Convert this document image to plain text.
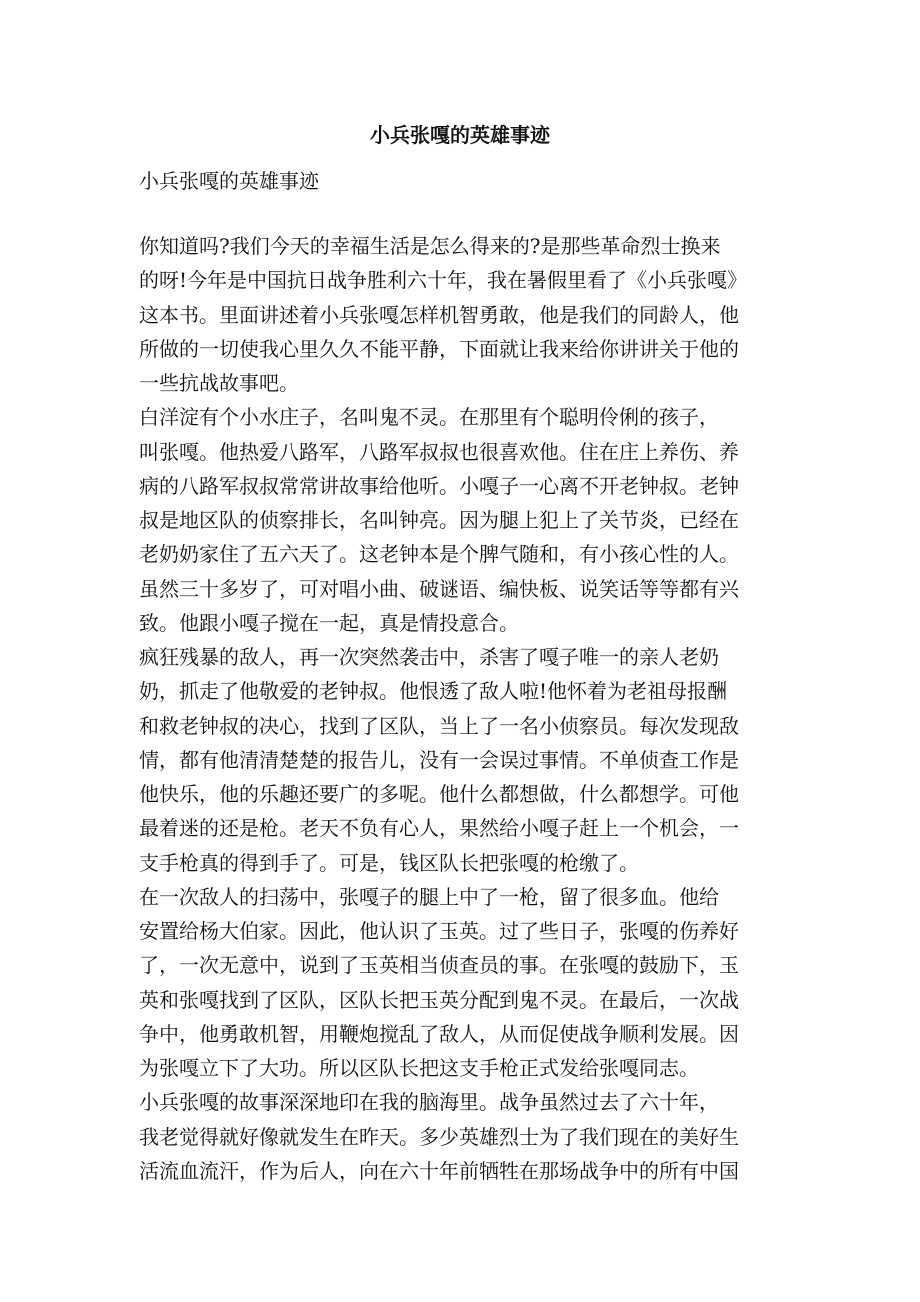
小兵张嘎的英雄事迹

小兵张嘎的英雄事迹

你知道吗?我们今天的幸福生活是怎么得来的?是那些革命烈士换来

的呀!今年是中国抗日战争胜利六十年，我在暑假里看了《小兵张嘎》

这本书。里面讲述着小兵张嘎怎样机智勇敢，他是我们的同龄人，他

所做的一切使我心里久久不能平静，下面就让我来给你讲讲关于他的

一些抗战故事吧。

白洋淀有个小水庄子，名叫鬼不灵。在那里有个聪明伶俐的孩子，

叫张嘎。他热爱八路军，八路军叔叔也很喜欢他。住在庄上养伤、养

病的八路军叔叔常常讲故事给他听。小嘎子一心离不开老钟叔。老钟

叔是地区队的侦察排长，名叫钟亮。因为腿上犯上了关节炎，已经在

老奶奶家住了五六天了。这老钟本是个脾气随和，有小孩心性的人。

虽然三十多岁了，可对唱小曲、破谜语、编快板、说笑话等等都有兴

致。他跟小嘎子搅在一起，真是情投意合。

疯狂残暴的敌人，再一次突然袭击中，杀害了嘎子唯一的亲人老奶

奶，抓走了他敬爱的老钟叔。他恨透了敌人啦!他怀着为老祖母报酬

和救老钟叔的决心，找到了区队，当上了一名小侦察员。每次发现敌

情，都有他清清楚楚的报告儿，没有一会误过事情。不单侦查工作是

他快乐，他的乐趣还要广的多呢。他什么都想做，什么都想学。可他

最着迷的还是枪。老天不负有心人，果然给小嘎子赶上一个机会，一

支手枪真的得到手了。可是，钱区队长把张嘎的枪缴了。

在一次敌人的扫荡中，张嘎子的腿上中了一枪，留了很多血。他给

安置给杨大伯家。因此，他认识了玉英。过了些日子，张嘎的伤养好

了，一次无意中，说到了玉英相当侦查员的事。在张嘎的鼓励下，玉

英和张嘎找到了区队，区队长把玉英分配到鬼不灵。在最后，一次战

争中，他勇敢机智，用鞭炮搅乱了敌人，从而促使战争顺利发展。因

为张嘎立下了大功。所以区队长把这支手枪正式发给张嘎同志。

小兵张嘎的故事深深地印在我的脑海里。战争虽然过去了六十年，

我老觉得就好像就发生在昨天。多少英雄烈士为了我们现在的美好生

活流血流汗，作为后人，向在六十年前牺牲在那场战争中的所有中国
